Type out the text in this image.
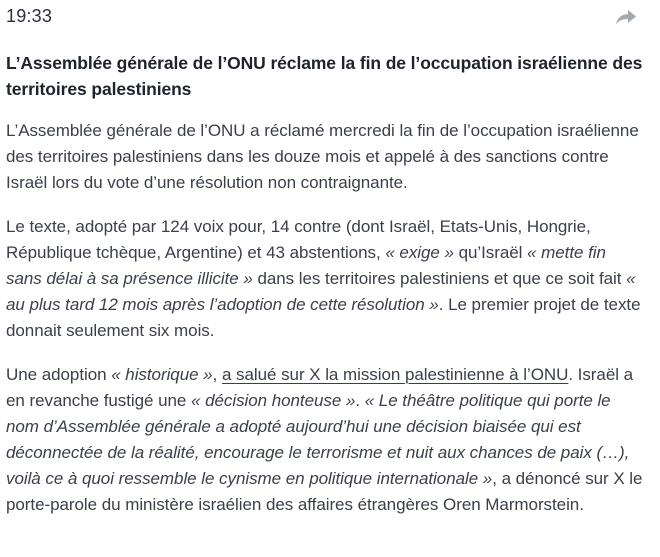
19:33
L’Assemblée générale de l’ONU réclame la fin de l’occupation israélienne des territoires palestiniens

L’Assemblée générale de l’ONU a réclamé mercredi la fin de l’occupation israélienne des territoires palestiniens dans les douze mois et appelé à des sanctions contre Israël lors du vote d’une résolution non contraignante.

Le texte, adopté par 124 voix pour, 14 contre (dont Israël, Etats-Unis, Hongrie, République tchèque, Argentine) et 43 abstentions, « exige » qu’Israël « mette fin sans délai à sa présence illicite » dans les territoires palestiniens et que ce soit fait « au plus tard 12 mois après l’adoption de cette résolution ». Le premier projet de texte donnait seulement six mois.

Une adoption « historique », a salué sur X la mission palestinienne à l’ONU. Israël a en revanche fustigé une « décision honteuse ». « Le théâtre politique qui porte le nom d’Assemblée générale a adopté aujourd’hui une décision biaisée qui est déconnectée de la réalité, encourage le terrorisme et nuit aux chances de paix (…), voilà ce à quoi ressemble le cynisme en politique internationale », a dénoncé sur X le porte-parole du ministère israélien des affaires étrangères Oren Marmorstein.
